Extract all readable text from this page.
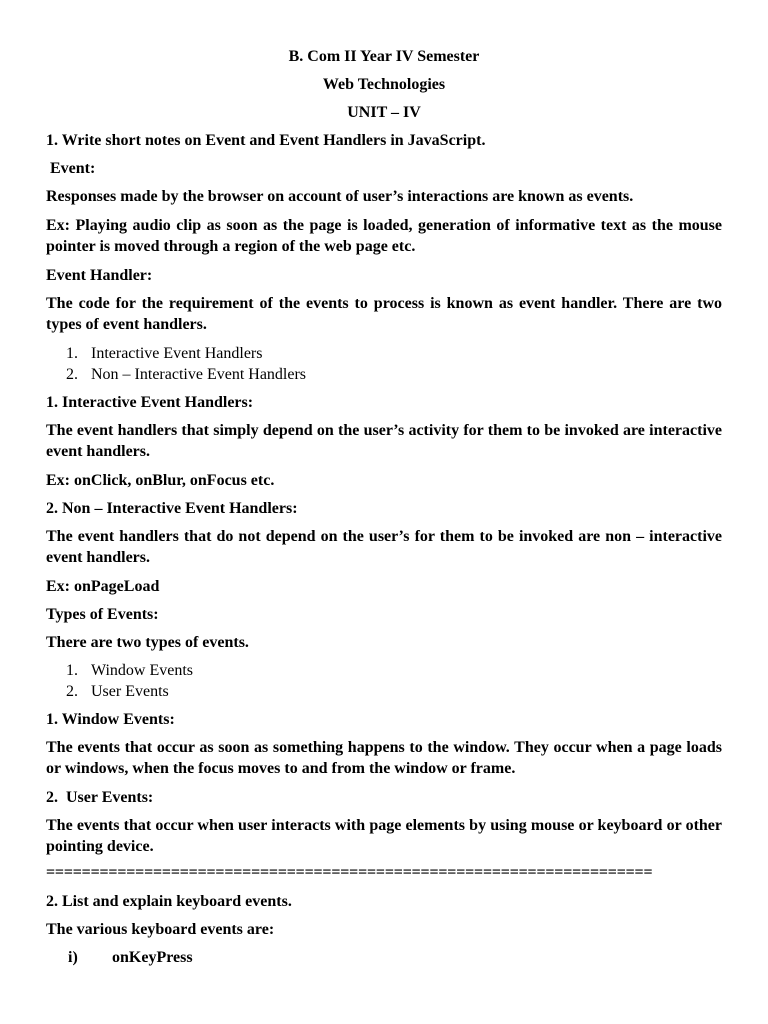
B. Com II Year IV Semester

Web Technologies

UNIT – IV

1. Write short notes on Event and Event Handlers in JavaScript.

Event:

Responses made by the browser on account of user’s interactions are known as events.

Ex: Playing audio clip as soon as the page is loaded, generation of informative text as the mouse pointer is moved through a region of the web page etc.

Event Handler:

The code for the requirement of the events to process is known as event handler. There are two types of event handlers.

1. Interactive Event Handlers
2. Non – Interactive Event Handlers

1. Interactive Event Handlers:

The event handlers that simply depend on the user’s activity for them to be invoked are interactive event handlers.

Ex: onClick, onBlur, onFocus etc.

2. Non – Interactive Event Handlers:

The event handlers that do not depend on the user’s for them to be invoked are non – interactive event handlers.

Ex: onPageLoad

Types of Events:

There are two types of events.

1. Window Events
2. User Events

1. Window Events:

The events that occur as soon as something happens to the window. They occur when a page loads or windows, when the focus moves to and from the window or frame.

2.  User Events:

The events that occur when user interacts with page elements by using mouse or keyboard or other pointing device.

====================================================================

2. List and explain keyboard events.

The various keyboard events are:

i) onKeyPress
